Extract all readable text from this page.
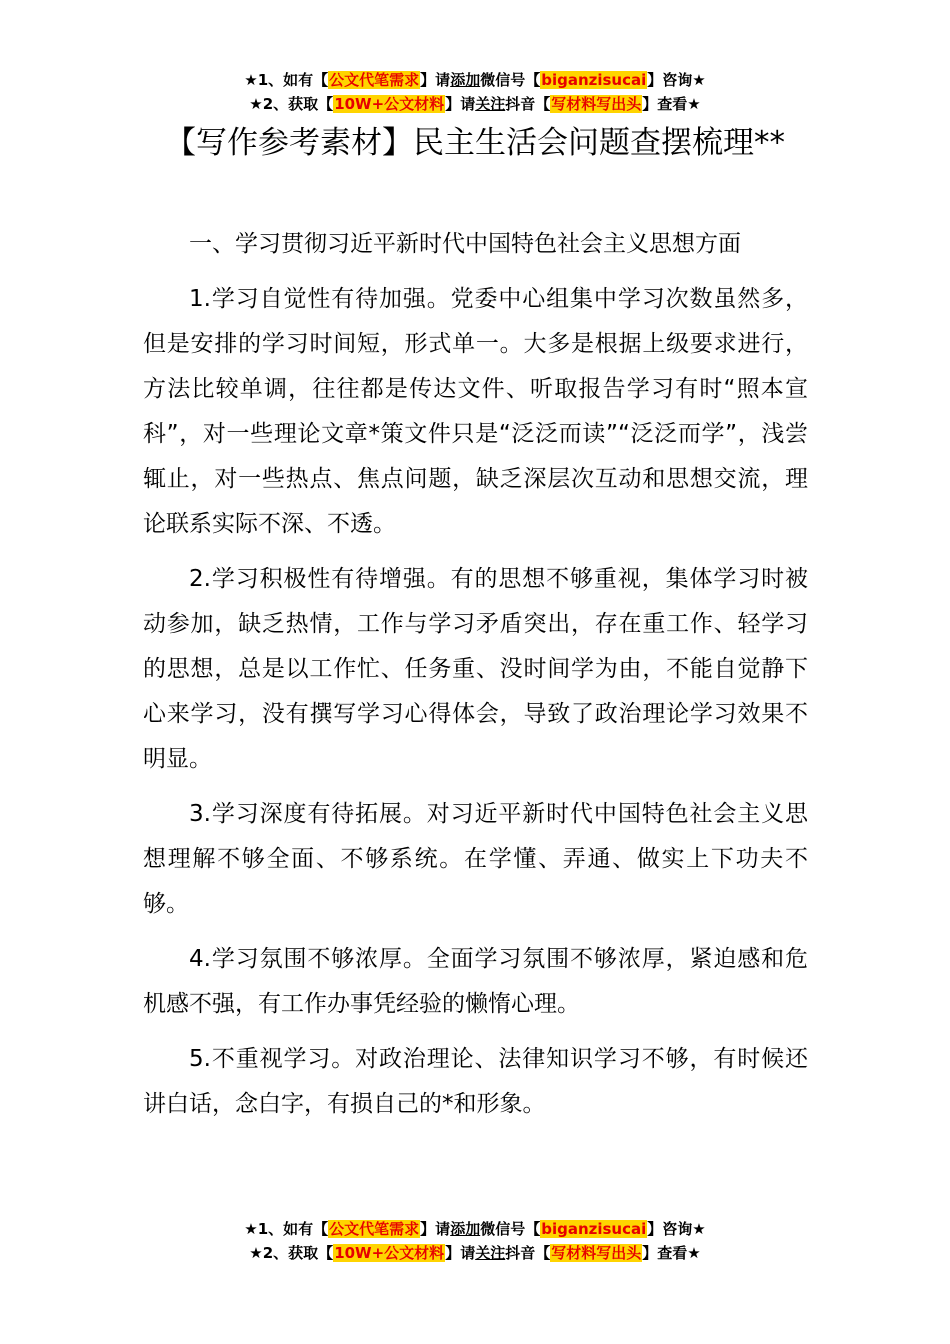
★1、如有【公文代笔需求】请添加微信号【biganzisucai】咨询★
★2、获取【10W+公文材料】请关注抖音【写材料写出头】查看★
【写作参考素材】民主生活会问题查摆梳理**

一、学习贯彻习近平新时代中国特色社会主义思想方面

1.学习自觉性有待加强。党委中心组集中学习次数虽然多，但是安排的学习时间短，形式单一。大多是根据上级要求进行，方法比较单调，往往都是传达文件、听取报告学习有时“照本宣科”，对一些理论文章*策文件只是“泛泛而读”“泛泛而学”，浅尝辄止，对一些热点、焦点问题，缺乏深层次互动和思想交流，理论联系实际不深、不透。

2.学习积极性有待增强。有的思想不够重视，集体学习时被动参加，缺乏热情，工作与学习矛盾突出，存在重工作、轻学习的思想，总是以工作忙、任务重、没时间学为由，不能自觉静下心来学习，没有撰写学习心得体会，导致了政治理论学习效果不明显。

3.学习深度有待拓展。对习近平新时代中国特色社会主义思想理解不够全面、不够系统。在学懂、弄通、做实上下功夫不够。

4.学习氛围不够浓厚。全面学习氛围不够浓厚，紧迫感和危机感不强，有工作办事凭经验的懒惰心理。

5.不重视学习。对政治理论、法律知识学习不够，有时候还讲白话，念白字，有损自己的*和形象。

★1、如有【公文代笔需求】请添加微信号【biganzisucai】咨询★
★2、获取【10W+公文材料】请关注抖音【写材料写出头】查看★
